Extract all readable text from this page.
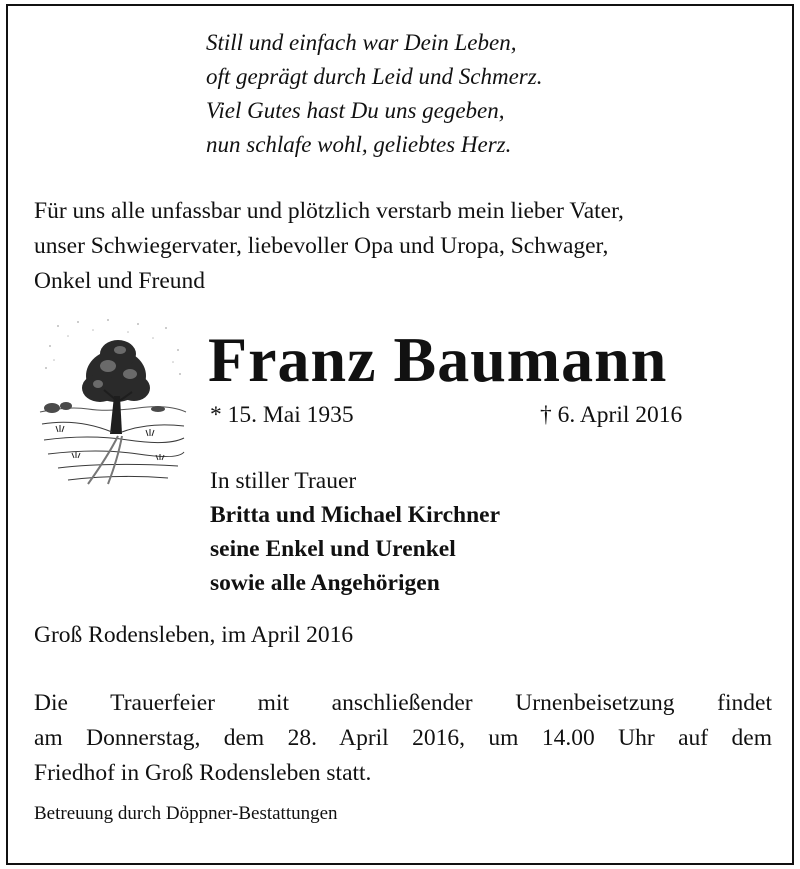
Still und einfach war Dein Leben,
oft geprägt durch Leid und Schmerz.
Viel Gutes hast Du uns gegeben,
nun schlafe wohl, geliebtes Herz.
Für uns alle unfassbar und plötzlich verstarb mein lieber Vater,
unser Schwiegervater, liebevoller Opa und Uropa, Schwager,
Onkel und Freund
Franz Baumann
* 15. Mai 1935	† 6. April 2016
In stiller Trauer
Britta und Michael Kirchner
seine Enkel und Urenkel
sowie alle Angehörigen
Groß Rodensleben, im April 2016
Die Trauerfeier mit anschließender Urnenbeisetzung findet
am Donnerstag, dem 28. April 2016, um 14.00 Uhr auf dem
Friedhof in Groß Rodensleben statt.
Betreuung durch Döppner-Bestattungen
